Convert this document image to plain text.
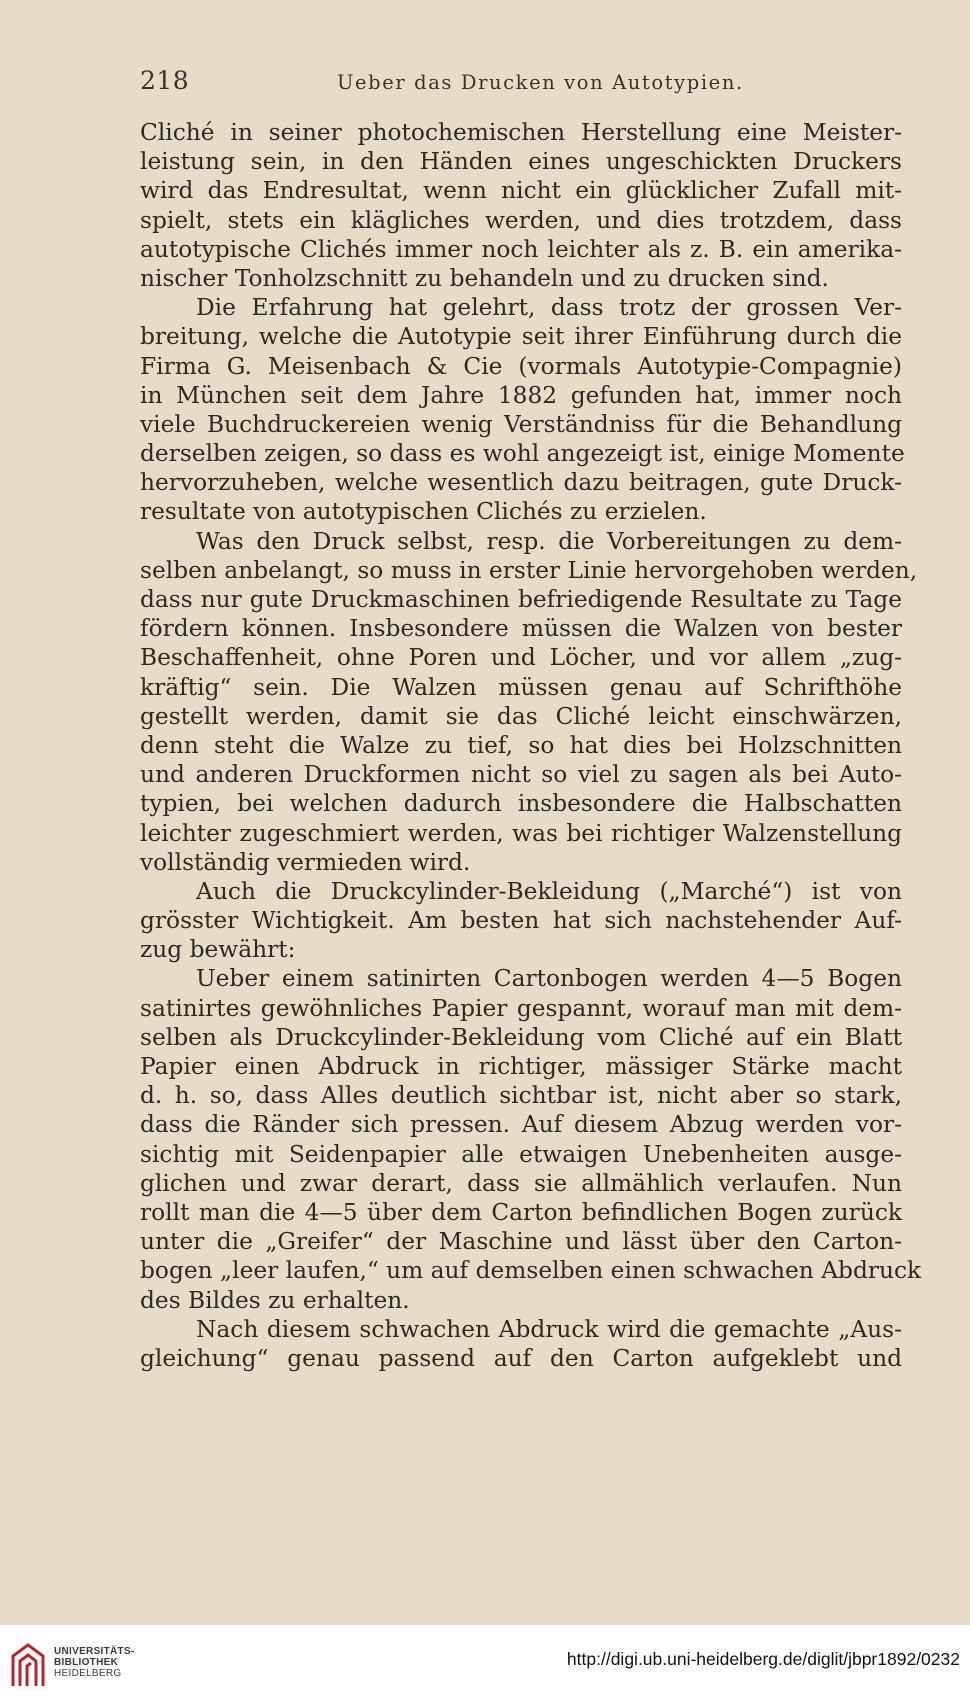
218	Ueber das Drucken von Autotypien.
Cliché in seiner photochemischen Herstellung eine Meister-
leistung sein, in den Händen eines ungeschickten Druckers
wird das Endresultat, wenn nicht ein glücklicher Zufall mit-
spielt, stets ein klägliches werden, und dies trotzdem, dass
autotypische Clichés immer noch leichter als z. B. ein amerika-
nischer Tonholzschnitt zu behandeln und zu drucken sind.
Die Erfahrung hat gelehrt, dass trotz der grossen Ver-
breitung, welche die Autotypie seit ihrer Einführung durch die
Firma G. Meisenbach & Cie (vormals Autotypie-Compagnie)
in München seit dem Jahre 1882 gefunden hat, immer noch
viele Buchdruckereien wenig Verständniss für die Behandlung
derselben zeigen, so dass es wohl angezeigt ist, einige Momente
hervorzuheben, welche wesentlich dazu beitragen, gute Druck-
resultate von autotypischen Clichés zu erzielen.
Was den Druck selbst, resp. die Vorbereitungen zu dem-
selben anbelangt, so muss in erster Linie hervorgehoben werden,
dass nur gute Druckmaschinen befriedigende Resultate zu Tage
fördern können. Insbesondere müssen die Walzen von bester
Beschaffenheit, ohne Poren und Löcher, und vor allem „zug-
kräftig“ sein. Die Walzen müssen genau auf Schrifthöhe
gestellt werden, damit sie das Cliché leicht einschwärzen,
denn steht die Walze zu tief, so hat dies bei Holzschnitten
und anderen Druckformen nicht so viel zu sagen als bei Auto-
typien, bei welchen dadurch insbesondere die Halbschatten
leichter zugeschmiert werden, was bei richtiger Walzenstellung
vollständig vermieden wird.
Auch die Druckcylinder-Bekleidung („Marché“) ist von
grösster Wichtigkeit. Am besten hat sich nachstehender Auf-
zug bewährt:
Ueber einem satinirten Cartonbogen werden 4—5 Bogen
satinirtes gewöhnliches Papier gespannt, worauf man mit dem-
selben als Druckcylinder-Bekleidung vom Cliché auf ein Blatt
Papier einen Abdruck in richtiger, mässiger Stärke macht
d. h. so, dass Alles deutlich sichtbar ist, nicht aber so stark,
dass die Ränder sich pressen. Auf diesem Abzug werden vor-
sichtig mit Seidenpapier alle etwaigen Unebenheiten ausge-
glichen und zwar derart, dass sie allmählich verlaufen. Nun
rollt man die 4—5 über dem Carton befindlichen Bogen zurück
unter die „Greifer“ der Maschine und lässt über den Carton-
bogen „leer laufen,“ um auf demselben einen schwachen Abdruck
des Bildes zu erhalten.
Nach diesem schwachen Abdruck wird die gemachte „Aus-
gleichung“ genau passend auf den Carton aufgeklebt und
UNIVERSITÄTS-
BIBLIOTHEK
HEIDELBERG
http://digi.ub.uni-heidelberg.de/diglit/jbpr1892/0232
